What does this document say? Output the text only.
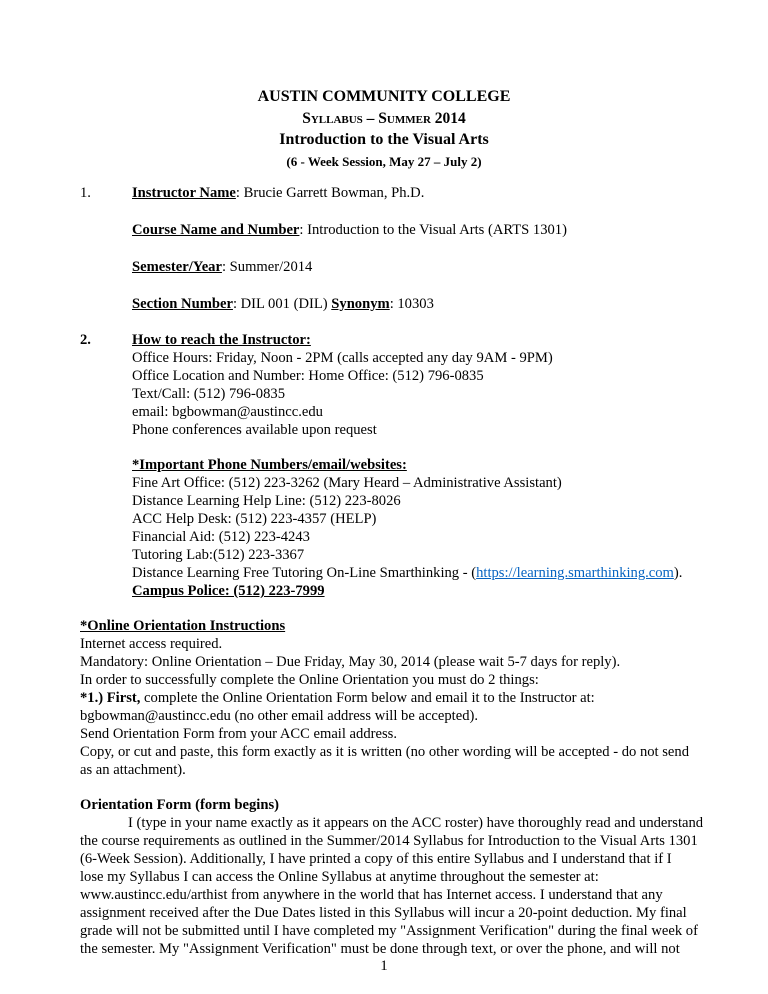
AUSTIN COMMUNITY COLLEGE
Syllabus – Summer 2014
Introduction to the Visual Arts
(6 - Week Session, May 27 – July 2)
1.	Instructor Name: Brucie Garrett Bowman, Ph.D.
Course Name and Number: Introduction to the Visual Arts (ARTS 1301)
Semester/Year: Summer/2014
Section Number: DIL 001 (DIL) Synonym: 10303
2.	How to reach the Instructor:
Office Hours: Friday, Noon - 2PM (calls accepted any day 9AM - 9PM)
Office Location and Number: Home Office: (512) 796-0835
Text/Call: (512) 796-0835
email: bgbowman@austincc.edu
Phone conferences available upon request
*Important Phone Numbers/email/websites:
Fine Art Office: (512) 223-3262 (Mary Heard – Administrative Assistant)
Distance Learning Help Line: (512) 223-8026
ACC Help Desk: (512) 223-4357 (HELP)
Financial Aid: (512) 223-4243
Tutoring Lab:(512) 223-3367
Distance Learning Free Tutoring On-Line Smarthinking - (https://learning.smarthinking.com).
Campus Police: (512) 223-7999
*Online Orientation Instructions
Internet access required.
Mandatory: Online Orientation – Due Friday, May 30, 2014 (please wait 5-7 days for reply).
In order to successfully complete the Online Orientation you must do 2 things:
*1.) First, complete the Online Orientation Form below and email it to the Instructor at:
bgbowman@austincc.edu (no other email address will be accepted).
Send Orientation Form from your ACC email address.
Copy, or cut and paste, this form exactly as it is written (no other wording will be accepted - do not send
as an attachment).
Orientation Form (form begins)
I (type in your name exactly as it appears on the ACC roster) have thoroughly read and understand
the course requirements as outlined in the Summer/2014 Syllabus for Introduction to the Visual Arts 1301
(6-Week Session). Additionally, I have printed a copy of this entire Syllabus and I understand that if I
lose my Syllabus I can access the Online Syllabus at anytime throughout the semester at:
www.austincc.edu/arthist from anywhere in the world that has Internet access. I understand that any
assignment received after the Due Dates listed in this Syllabus will incur a 20-point deduction. My final
grade will not be submitted until I have completed my "Assignment Verification" during the final week of
the semester. My "Assignment Verification" must be done through text, or over the phone, and will not
1
